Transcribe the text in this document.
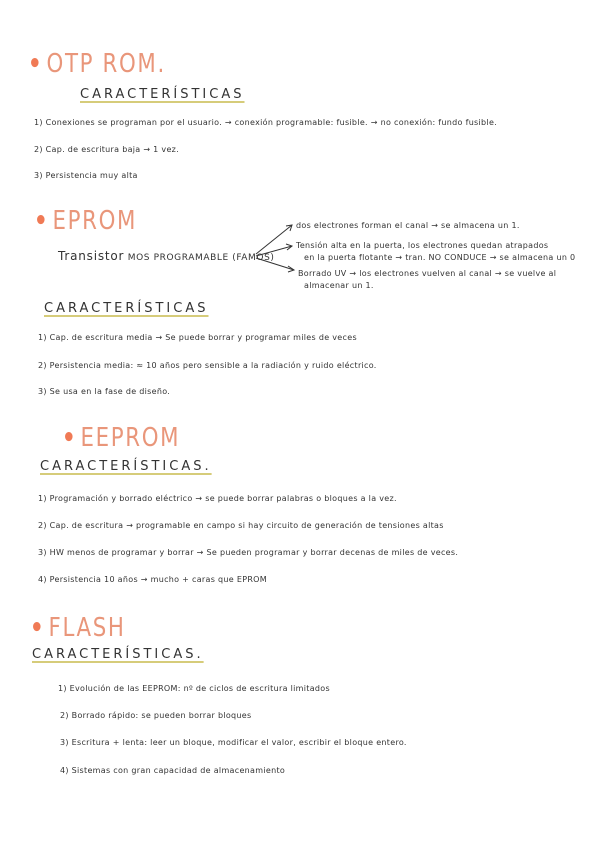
• OTP ROM.
CARACTERÍSTICAS
1) Conexiones se programan por el usuario. → conexión programable: fusible. → no conexión: fundo fusible.
2) Cap. de escritura baja → 1 vez.
3) Persistencia muy alta
• EPROM
Transistor MOS PROGRAMABLE (FAMOS)
dos electrones forman el canal → se almacena un 1.
Tensión alta en la puerta, los electrones quedan atrapados
en la puerta flotante → tran. NO CONDUCE → se almacena un 0
Borrado UV → los electrones vuelven al canal → se vuelve al
almacenar un 1.
CARACTERÍSTICAS
1) Cap. de escritura media → Se puede borrar y programar miles de veces
2) Persistencia media: ≈ 10 años pero sensible a la radiación y ruido eléctrico.
3) Se usa en la fase de diseño.
• EEPROM
CARACTERÍSTICAS.
1) Programación y borrado eléctrico → se puede borrar palabras o bloques a la vez.
2) Cap. de escritura → programable en campo si hay circuito de generación de tensiones altas
3) HW menos de programar y borrar → Se pueden programar y borrar decenas de miles de veces.
4) Persistencia 10 años → mucho + caras que EPROM
• FLASH
CARACTERÍSTICAS.
1) Evolución de las EEPROM: nº de ciclos de escritura limitados
2) Borrado rápido: se pueden borrar bloques
3) Escritura + lenta: leer un bloque, modificar el valor, escribir el bloque entero.
4) Sistemas con gran capacidad de almacenamiento
